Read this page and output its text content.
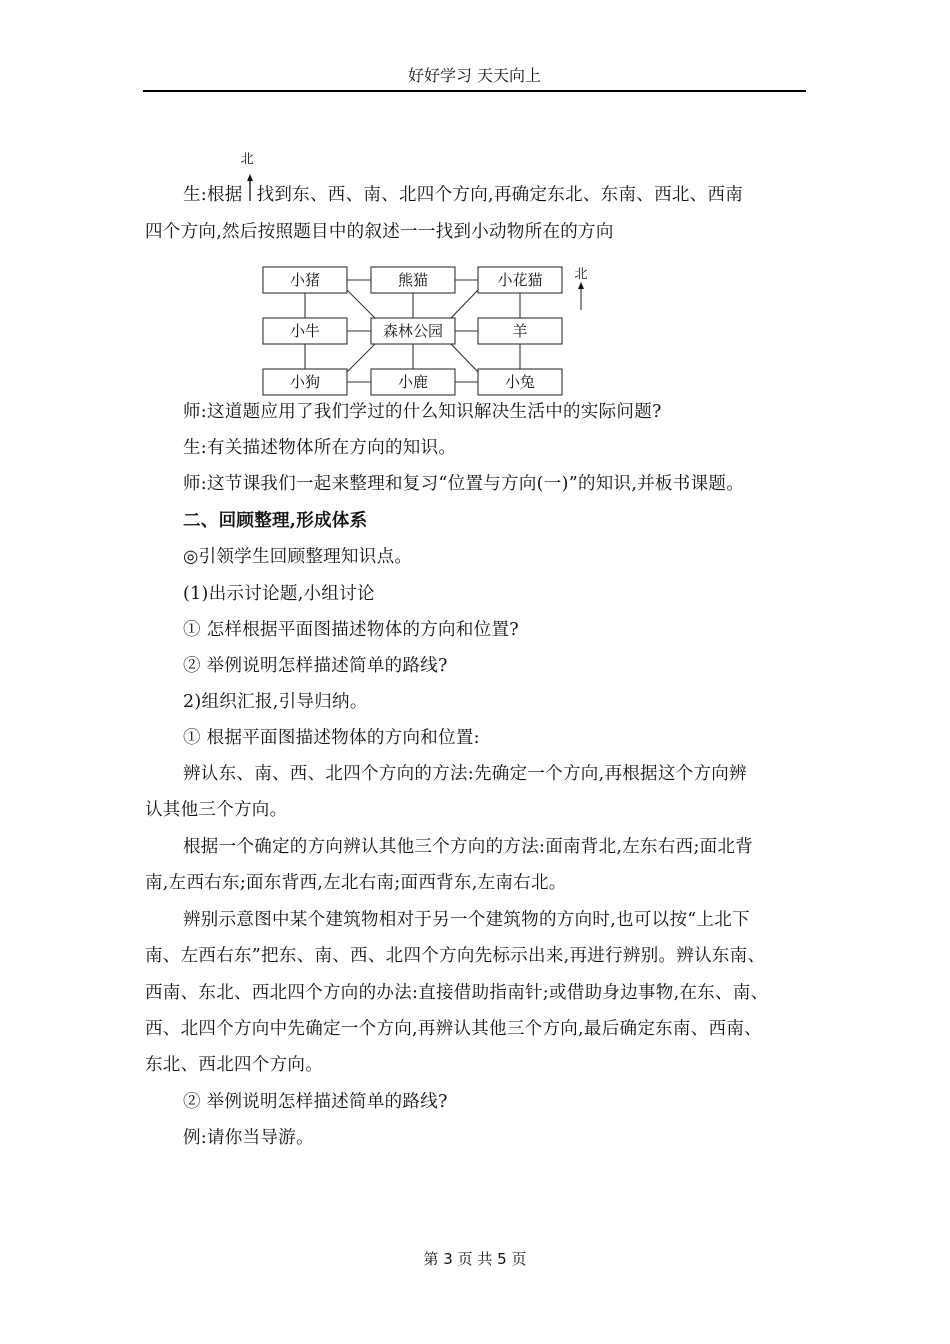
好好学习 天天向上
生:根据
北
找到东、西、南、北四个方向,再确定东北、东南、西北、西南
四个方向,然后按照题目中的叙述一一找到小动物所在的方向
小猪	熊猫	小花猫
小牛	森林公园	羊
小狗	小鹿	小兔
北
师:这道题应用了我们学过的什么知识解决生活中的实际问题?
生:有关描述物体所在方向的知识。
师:这节课我们一起来整理和复习“位置与方向(一)”的知识,并板书课题。
二、回顾整理,形成体系
◎引领学生回顾整理知识点。
(1)出示讨论题,小组讨论
① 怎样根据平面图描述物体的方向和位置?
② 举例说明怎样描述简单的路线?
2)组织汇报,引导归纳。
① 根据平面图描述物体的方向和位置:
辨认东、南、西、北四个方向的方法:先确定一个方向,再根据这个方向辨
认其他三个方向。
根据一个确定的方向辨认其他三个方向的方法:面南背北,左东右西;面北背
南,左西右东;面东背西,左北右南;面西背东,左南右北。
辨别示意图中某个建筑物相对于另一个建筑物的方向时,也可以按“上北下
南、左西右东”把东、南、西、北四个方向先标示出来,再进行辨别。辨认东南、
西南、东北、西北四个方向的办法:直接借助指南针;或借助身边事物,在东、南、
西、北四个方向中先确定一个方向,再辨认其他三个方向,最后确定东南、西南、
东北、西北四个方向。
② 举例说明怎样描述简单的路线?
例:请你当导游。
第 3 页 共 5 页
